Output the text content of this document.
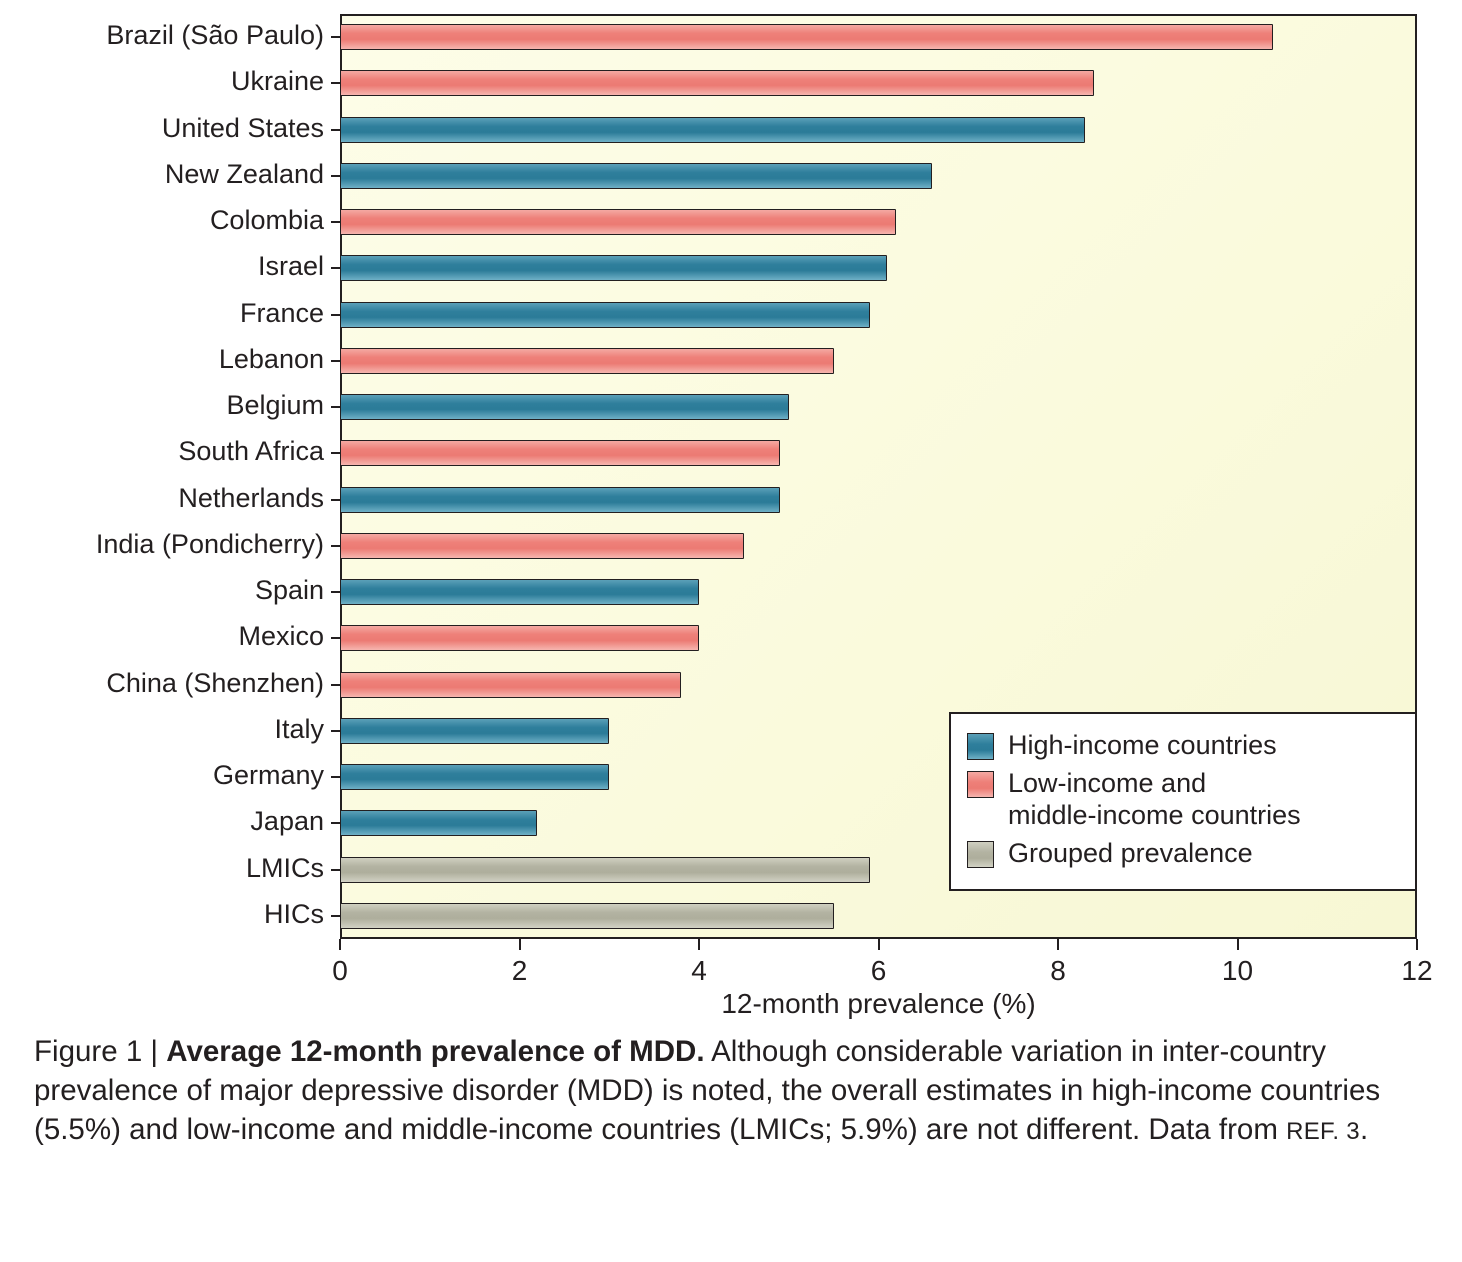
Brazil (São Paulo)
Ukraine
United States
New Zealand
Colombia
Israel
France
Lebanon
Belgium
South Africa
Netherlands
India (Pondicherry)
Spain
Mexico
China (Shenzhen)
Italy
Germany
Japan
LMICs
HICs
0	2	4	6	8	10	12
12-month prevalence (%)
High-income countries
Low-income and
middle-income countries
Grouped prevalence
Figure 1 | Average 12-month prevalence of MDD. Although considerable variation in inter-country prevalence of major depressive disorder (MDD) is noted, the overall estimates in high-income countries (5.5%) and low-income and middle-income countries (LMICs; 5.9%) are not different. Data from REF. 3.
